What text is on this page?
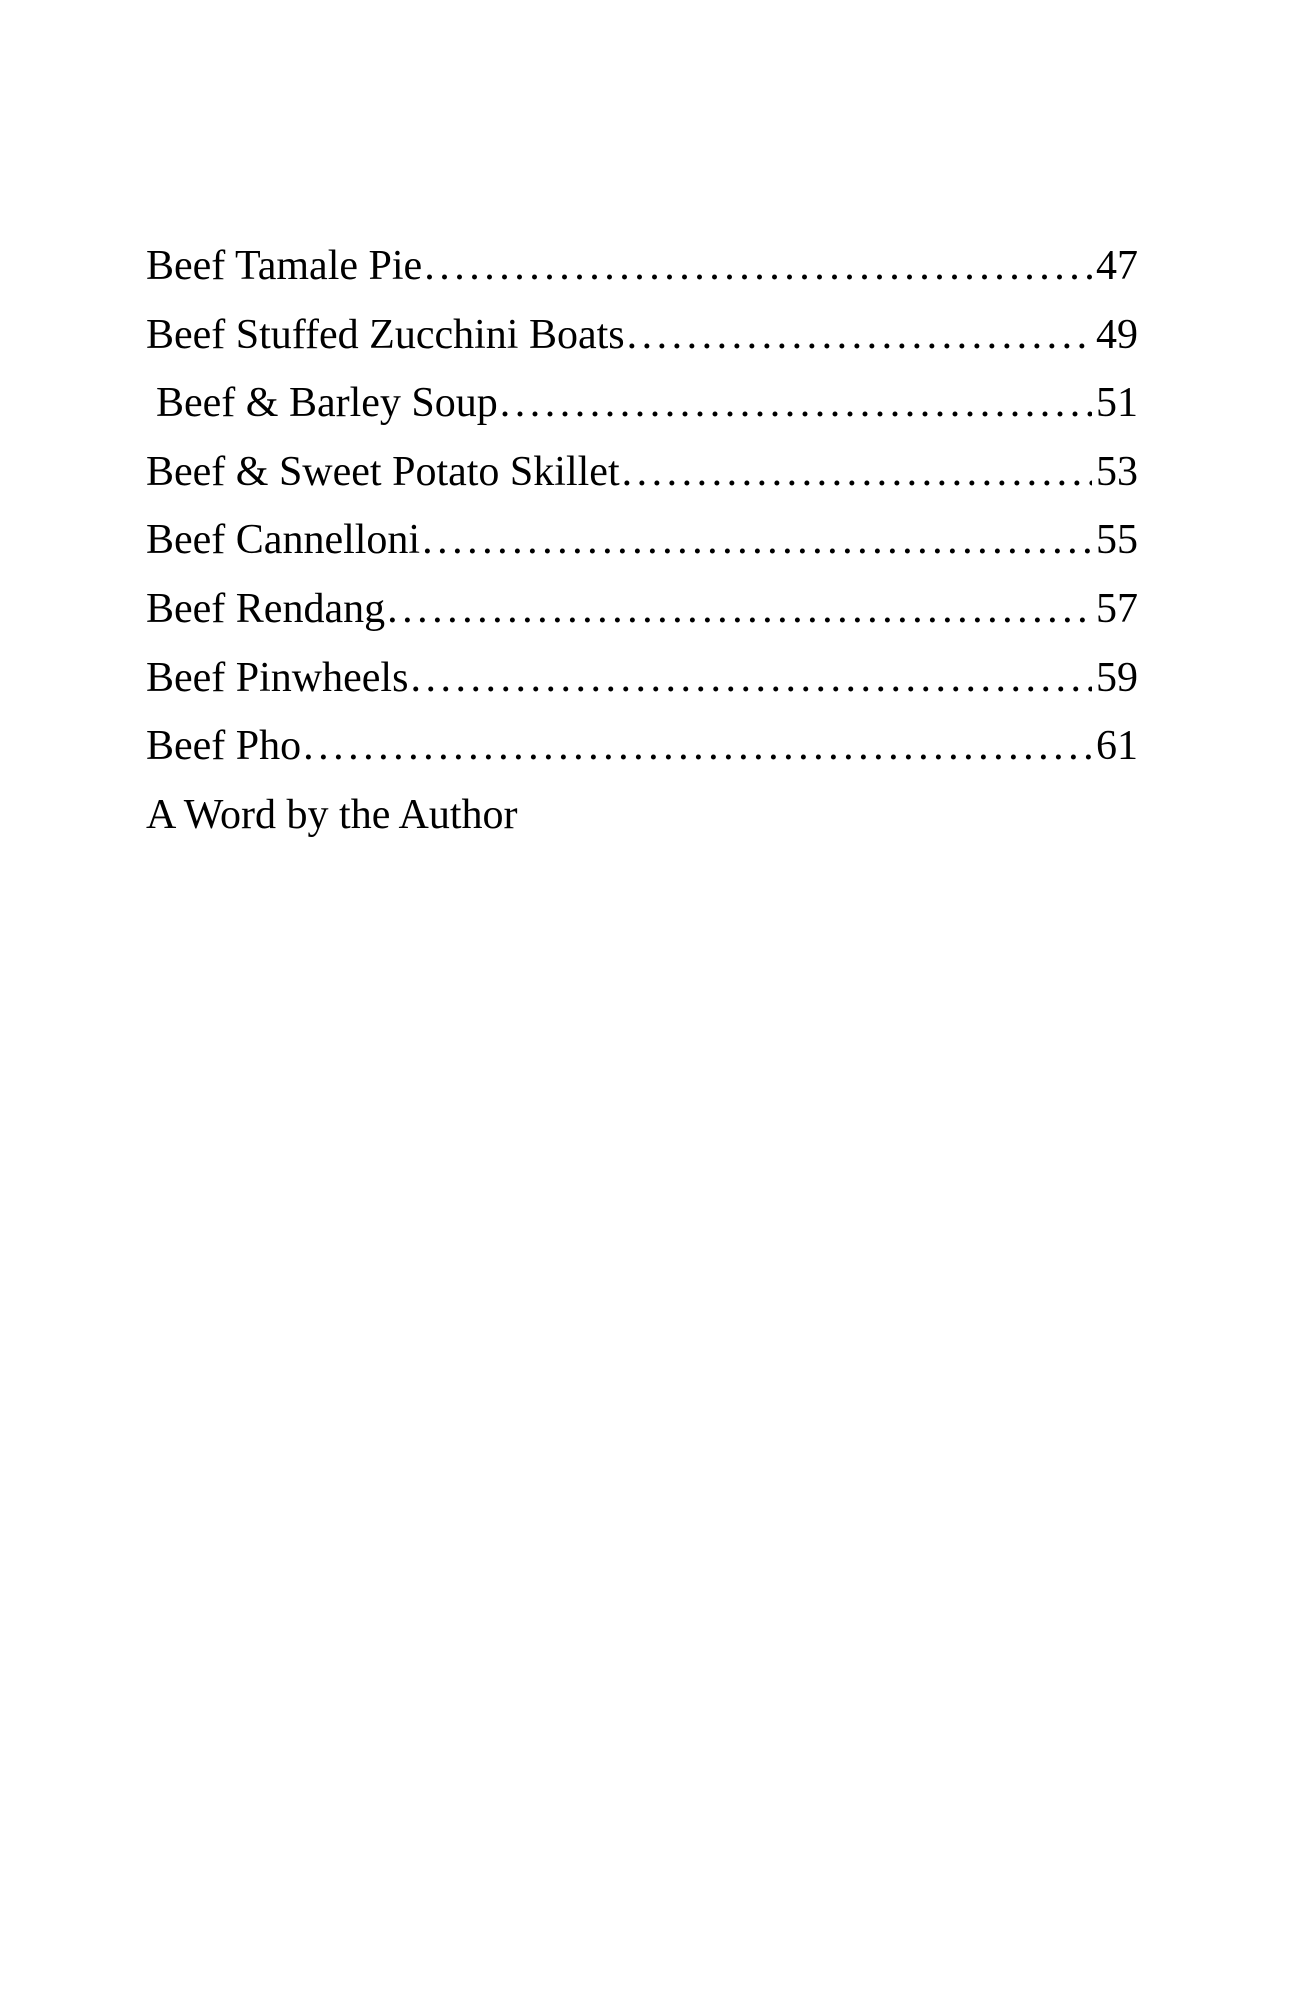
Beef Tamale Pie . . .	47
Beef Stuffed Zucchini Boats . . .	49
Beef & Barley Soup . . .	51
Beef & Sweet Potato Skillet . . .	53
Beef Cannelloni . . .	55
Beef Rendang . . .	57
Beef Pinwheels . . .	59
Beef Pho . . .	61
A Word by the Author
